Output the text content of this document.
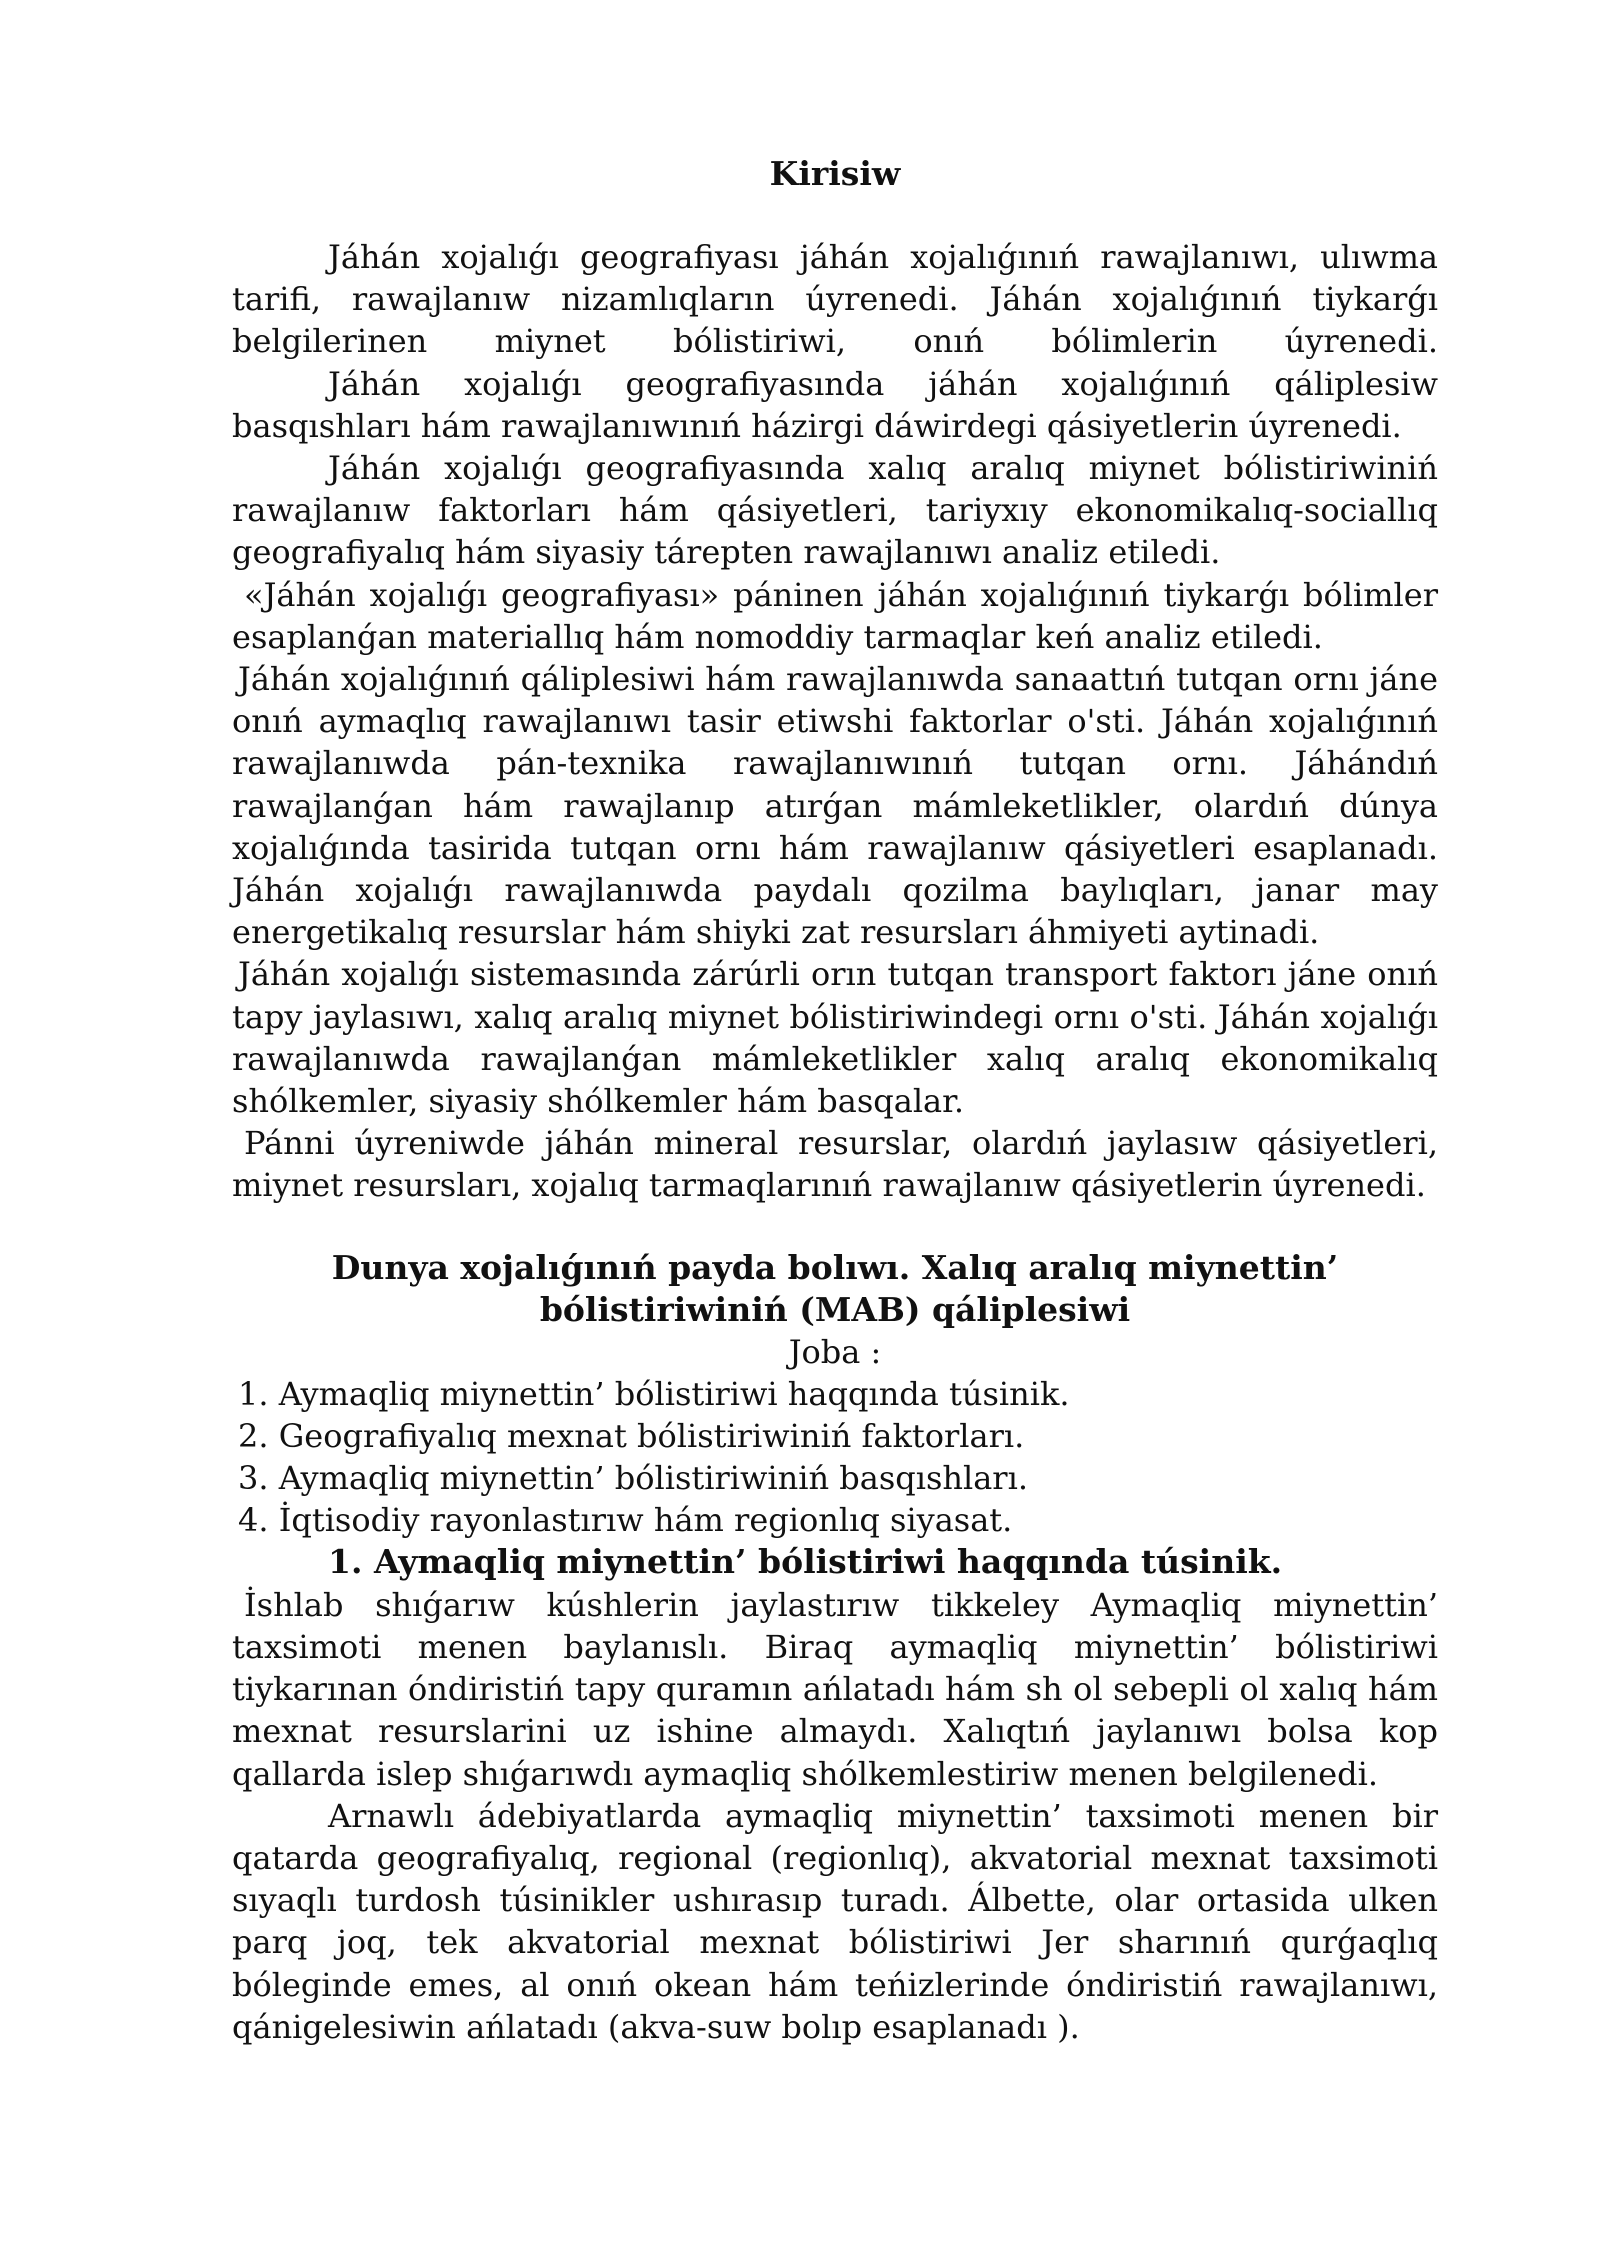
Kirisiw

Jáhán xojalıǵı geografiyası jáhán xojalıǵınıń rawajlanıwı, ulıwma tarifi, rawajlanıw nizamlıqların úyrenedi. Jáhán xojalıǵınıń tiykarǵı belgilerinen miynet bólistiriwi, onıń bólimlerin úyrenedi.

Jáhán xojalıǵı geografiyasında jáhán xojalıǵınıń qáliplesiw basqıshları hám rawajlanıwınıń házirgi dáwirdegi qásiyetlerin úyrenedi.

Jáhán xojalıǵı geografiyasında xalıq aralıq miynet bólistiriwiniń rawajlanıw faktorları hám qásiyetleri, tariyxıy ekonomikalıq-sociallıq geografiyalıq hám siyasiy tárepten rawajlanıwı analiz etiledi.

«Jáhán xojalıǵı geografiyası» páninen jáhán xojalıǵınıń tiykarǵı bólimler esaplanǵan materiallıq hám nomoddiy tarmaqlar keń analiz etiledi.

Jáhán xojalıǵınıń qáliplesiwi hám rawajlanıwda sanaattıń tutqan ornı jáne onıń aymaqlıq rawajlanıwı tasir etiwshi faktorlar o'sti. Jáhán xojalıǵınıń rawajlanıwda pán-texnika rawajlanıwınıń tutqan ornı. Jáhándıń rawajlanǵan hám rawajlanıp atırǵan mámleketlikler, olardıń dúnya xojalıǵında tasirida tutqan ornı hám rawajlanıw qásiyetleri esaplanadı. Jáhán xojalıǵı rawajlanıwda paydalı qozilma baylıqları, janar may energetikalıq resurslar hám shiyki zat resursları áhmiyeti aytinadi.

Jáhán xojalıǵı sistemasında zárúrli orın tutqan transport faktorı jáne onıń tapy jaylasıwı, xalıq aralıq miynet bólistiriwindegi ornı o'sti. Jáhán xojalıǵı rawajlanıwda rawajlanǵan mámleketlikler xalıq aralıq ekonomikalıq shólkemler, siyasiy shólkemler hám basqalar.

Pánni úyreniwde jáhán mineral resurslar, olardıń jaylasıw qásiyetleri, miynet resursları, xojalıq tarmaqlarınıń rawajlanıw qásiyetlerin úyrenedi.

Dunya xojalıǵınıń payda bolıwı. Xalıq aralıq miynettin’ bólistiriwiniń (MAB) qáliplesiwi
Joba :
1. Aymaqliq miynettin’ bólistiriwi haqqında túsinik.
2. Geografiyalıq mexnat bólistiriwiniń faktorları.
3. Aymaqliq miynettin’ bólistiriwiniń basqıshları.
4. İqtisodiy rayonlastırıw hám regionlıq siyasat.
1. Aymaqliq miynettin’ bólistiriwi haqqında túsinik.

İshlab shıǵarıw kúshlerin jaylastırıw tikkeley Aymaqliq miynettin’ taxsimoti menen baylanıslı. Biraq aymaqliq miynettin’ bólistiriwi tiykarınan óndiristiń tapy quramın ańlatadı hám sh ol sebepli ol xalıq hám mexnat resurslarini uz ishine almaydı. Xalıqtıń jaylanıwı bolsa kop qallarda islep shıǵarıwdı aymaqliq shólkemlestiriw menen belgilenedi.

Arnawlı ádebiyatlarda aymaqliq miynettin’ taxsimoti menen bir qatarda geografiyalıq, regional (regionlıq), akvatorial mexnat taxsimoti sıyaqlı turdosh túsinikler ushırasıp turadı. Álbette, olar ortasida ulken parq joq, tek akvatorial mexnat bólistiriwi Jer sharınıń qurǵaqlıq bóleginde emes, al onıń okean hám teńizlerinde óndiristiń rawajlanıwı, qánigelesiwin ańlatadı (akva-suw bolıp esaplanadı ).
